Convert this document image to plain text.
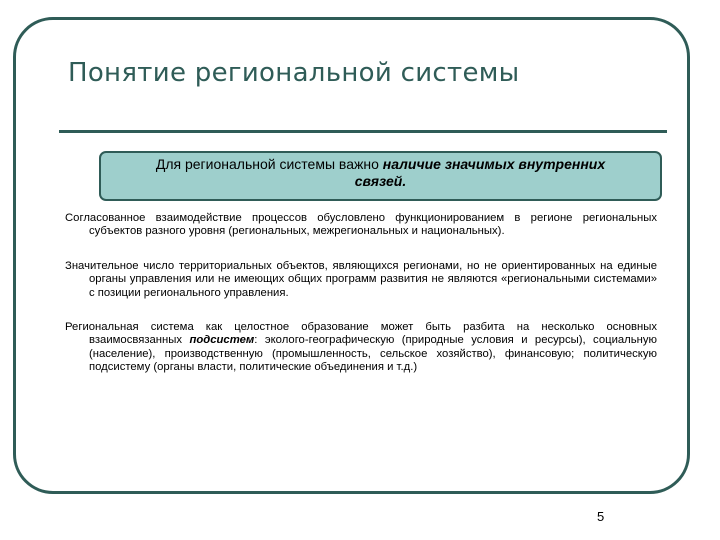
Понятие региональной системы
Для региональной системы важно наличие значимых внутренних связей.

Согласованное взаимодействие процессов обусловлено функционированием в регионе региональных субъектов разного уровня (региональных, межрегиональных и национальных).

Значительное число территориальных объектов, являющихся регионами, но не ориентированных на единые органы управления или не имеющих общих программ развития не являются «региональными системами» с позиции регионального управления.

Региональная система как целостное образование может быть разбита на несколько основных взаимосвязанных подсистем: эколого-географическую (природные условия и ресурсы), социальную (население), производственную (промышленность, сельское хозяйство), финансовую; политическую подсистему (органы власти, политические объединения и т.д.)

5
